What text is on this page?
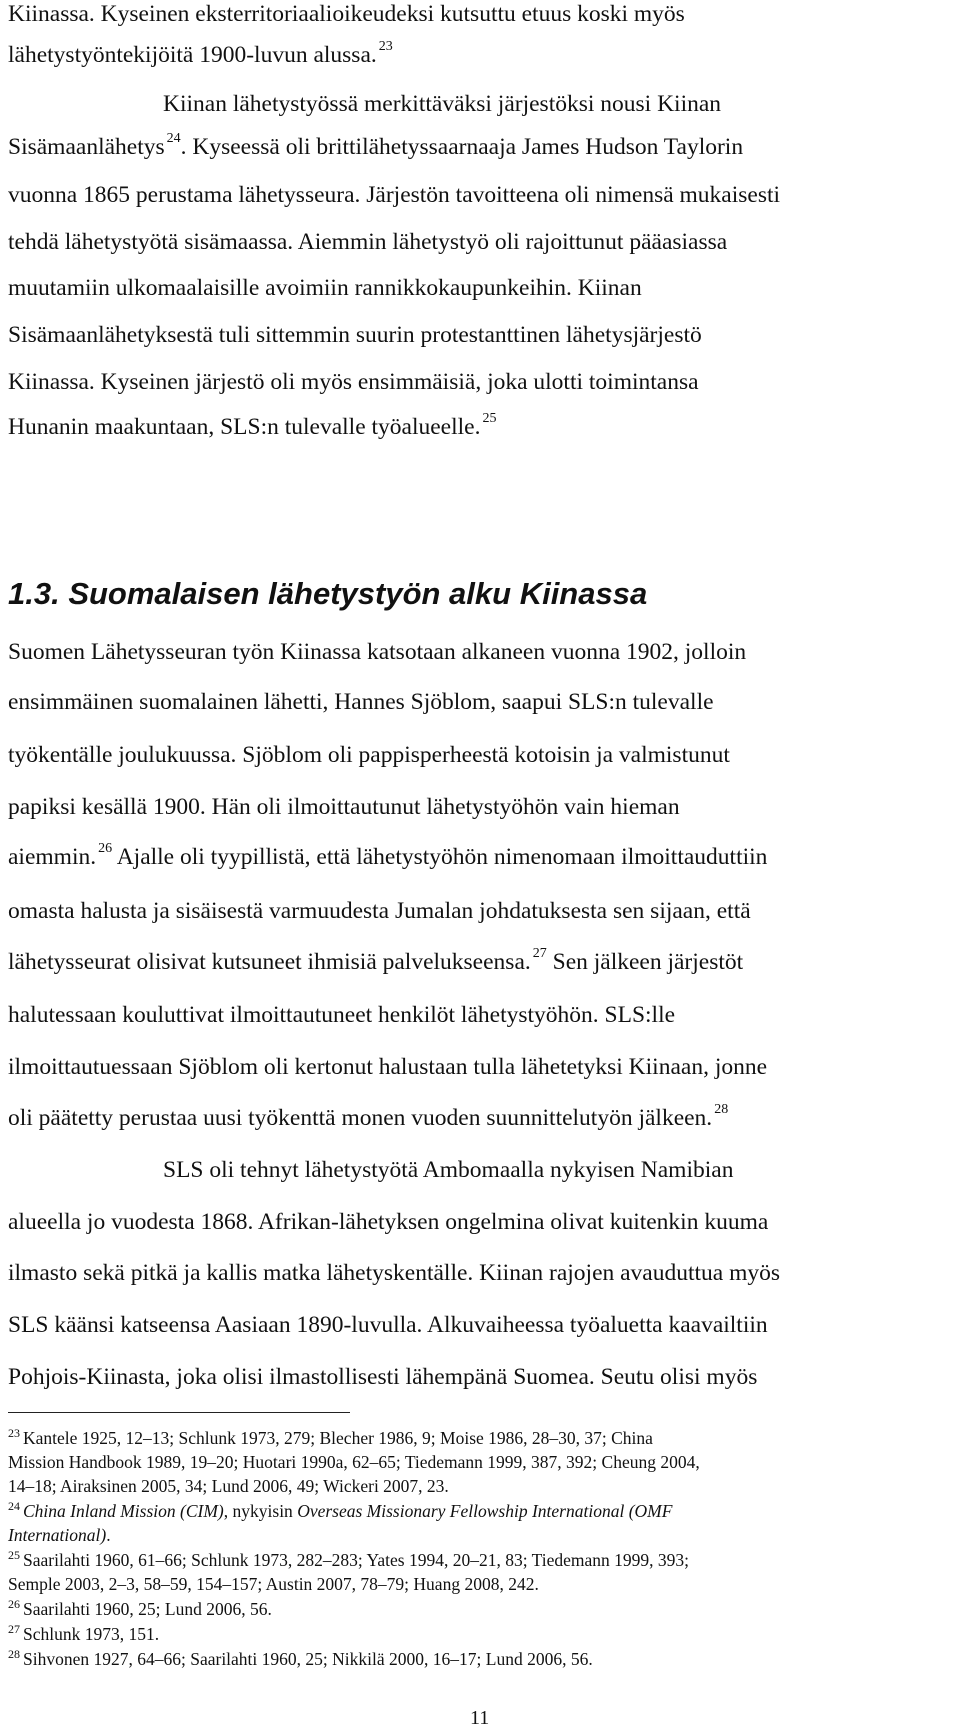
Kiinassa. Kyseinen eksterritoriaalioikeudeksi kutsuttu etuus koski myös
lähetystyöntekijöitä 1900-luvun alussa. $^{23}$
Kiinan lähetystyössä merkittäväksi järjestöksi nousi Kiinan
Sisämaanlähetys $^{24}$. Kyseessä oli brittilähetyssaarnaaja James Hudson Taylorin
vuonna 1865 perustama lähetysseura. Järjestön tavoitteena oli nimensä mukaisesti
tehdä lähetystyötä sisämaassa. Aiemmin lähetystyö oli rajoittunut pääasiassa
muutamiin ulkomaalaisille avoimiin rannikkokaupunkeihin. Kiinan
Sisämaanlähetyksestä tuli sittemmin suurin protestanttinen lähetysjärjestö
Kiinassa. Kyseinen järjestö oli myös ensimmäisiä, joka ulotti toimintansa
Hunanin maakuntaan, SLS:n tulevalle työalueelle. $^{25}$
1.3. Suomalaisen lähetystyön alku Kiinassa
Suomen Lähetysseuran työn Kiinassa katsotaan alkaneen vuonna 1902, jolloin
ensimmäinen suomalainen lähetti, Hannes Sjöblom, saapui SLS:n tulevalle
työkentälle joulukuussa. Sjöblom oli pappisperheestä kotoisin ja valmistunut
papiksi kesällä 1900. Hän oli ilmoittautunut lähetystyöhön vain hieman
aiemmin. $^{26}$ Ajalle oli tyypillistä, että lähetystyöhön nimenomaan ilmoittauduttiin
omasta halusta ja sisäisestä varmuudesta Jumalan johdatuksesta sen sijaan, että
lähetysseurat olisivat kutsuneet ihmisiä palvelukseensa. $^{27}$ Sen jälkeen järjestöt
halutessaan kouluttivat ilmoittautuneet henkilöt lähetystyöhön. SLS:lle
ilmoittautuessaan Sjöblom oli kertonut halustaan tulla lähetetyksi Kiinaan, jonne
oli päätetty perustaa uusi työkenttä monen vuoden suunnittelutyön jälkeen. $^{28}$
SLS oli tehnyt lähetystyötä Ambomaalla nykyisen Namibian
alueella jo vuodesta 1868. Afrikan-lähetyksen ongelmina olivat kuitenkin kuuma
ilmasto sekä pitkä ja kallis matka lähetyskentälle. Kiinan rajojen avauduttua myös
SLS käänsi katseensa Aasiaan 1890-luvulla. Alkuvaiheessa työaluetta kaavailtiin
Pohjois-Kiinasta, joka olisi ilmastollisesti lähempänä Suomea. Seutu olisi myös
$^{23}$ Kantele 1925, 12–13; Schlunk 1973, 279; Blecher 1986, 9; Moise 1986, 28–30, 37; China
Mission Handbook 1989, 19–20; Huotari 1990a, 62–65; Tiedemann 1999, 387, 392; Cheung 2004,
14–18; Airaksinen 2005, 34; Lund 2006, 49; Wickeri 2007, 23.
$^{24}$ China Inland Mission (CIM), nykyisin Overseas Missionary Fellowship International (OMF
International).
$^{25}$ Saarilahti 1960, 61–66; Schlunk 1973, 282–283; Yates 1994, 20–21, 83; Tiedemann 1999, 393;
Semple 2003, 2–3, 58–59, 154–157; Austin 2007, 78–79; Huang 2008, 242.
$^{26}$ Saarilahti 1960, 25; Lund 2006, 56.
$^{27}$ Schlunk 1973, 151.
$^{28}$ Sihvonen 1927, 64–66; Saarilahti 1960, 25; Nikkilä 2000, 16–17; Lund 2006, 56.
11
